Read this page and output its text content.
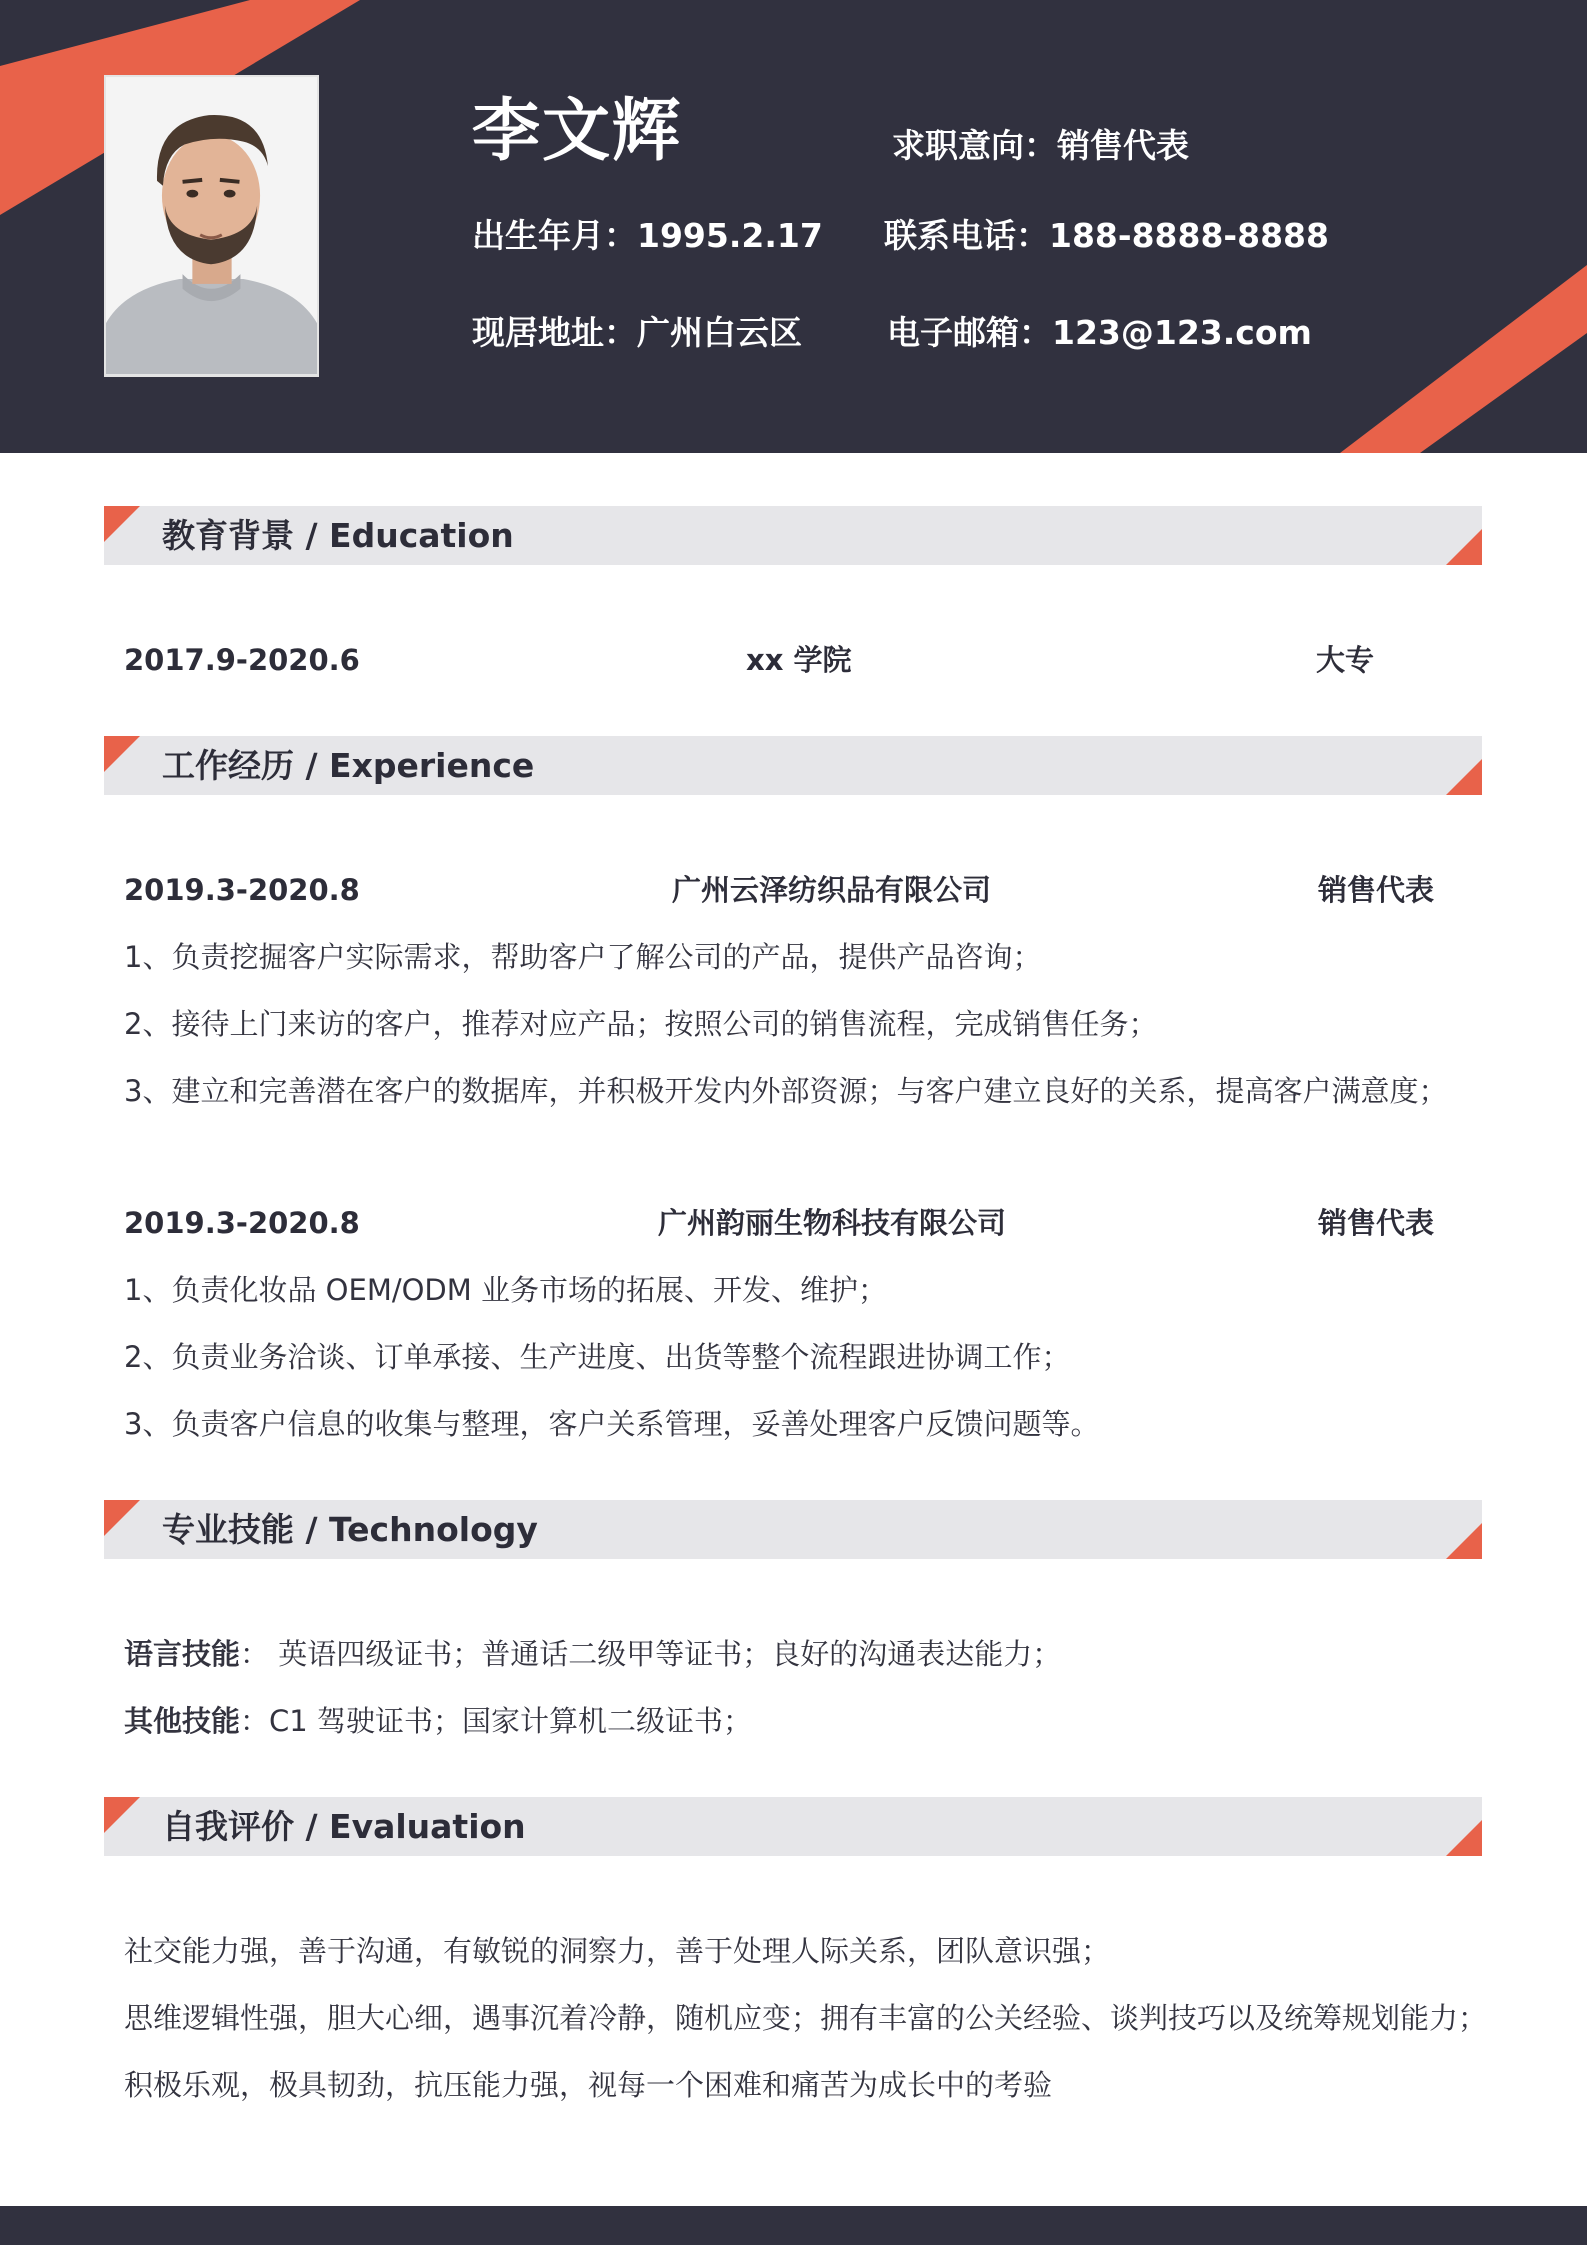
李文辉	求职意向：销售代表
出生年月：1995.2.17 联系电话：188-8888-8888
现居地址：广州白云区	电子邮箱：123@123.com
教育背景 / Education
2017.9-2020.6	xx 学院	大专
工作经历 / Experience
2019.3-2020.8	广州云泽纺织品有限公司	销售代表
1、负责挖掘客户实际需求，帮助客户了解公司的产品，提供产品咨询；
2、接待上门来访的客户，推荐对应产品；按照公司的销售流程，完成销售任务；
3、建立和完善潜在客户的数据库，并积极开发内外部资源；与客户建立良好的关系，提高客户满意度；
2019.3-2020.8	广州韵丽生物科技有限公司	销售代表
1、负责化妆品 OEM/ODM 业务市场的拓展、开发、维护；
2、负责业务洽谈、订单承接、生产进度、出货等整个流程跟进协调工作；
3、负责客户信息的收集与整理，客户关系管理，妥善处理客户反馈问题等。
专业技能 / Technology
语言技能： 英语四级证书；普通话二级甲等证书；良好的沟通表达能力；
其他技能：C1 驾驶证书；国家计算机二级证书；
自我评价 / Evaluation
社交能力强，善于沟通，有敏锐的洞察力，善于处理人际关系，团队意识强；
思维逻辑性强，胆大心细，遇事沉着冷静，随机应变；拥有丰富的公关经验、谈判技巧以及统筹规划能力；
积极乐观，极具韧劲，抗压能力强，视每一个困难和痛苦为成长中的考验
